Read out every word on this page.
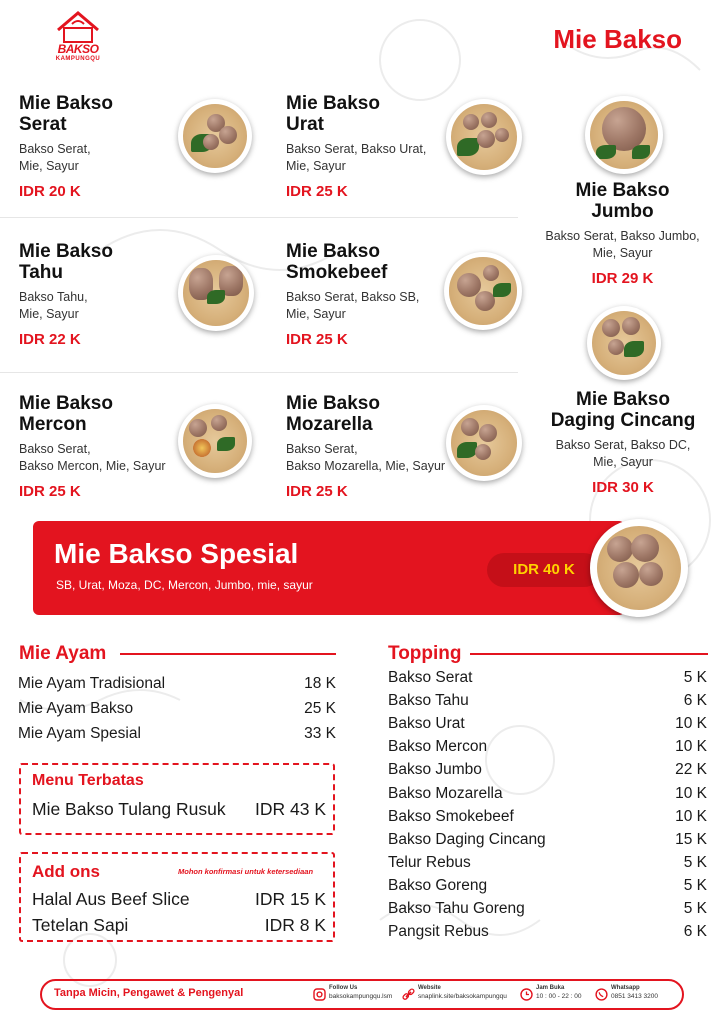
BAKSO
KAMPUNGQU
Mie Bakso
Mie Bakso
Serat
Bakso Serat,
Mie, Sayur
IDR 20 K
Mie Bakso
Urat
Bakso Serat, Bakso Urat,
Mie, Sayur
IDR 25 K	Mie Bakso
Jumbo
Bakso Serat, Bakso Jumbo,
Mie, Sayur
IDR 29 K
Mie Bakso
Tahu
Bakso Tahu,
Mie, Sayur
IDR 22 K
Mie Bakso
Smokebeef
Bakso Serat, Bakso SB,
Mie, Sayur
IDR 25 K
Mie Bakso
Mercon
Bakso Serat,
Bakso Mercon, Mie, Sayur
IDR 25 K
Mie Bakso
Mozarella
Bakso Serat,
Bakso Mozarella, Mie, Sayur
IDR 25 K
Mie Bakso
Daging Cincang
Bakso Serat, Bakso DC,
Mie, Sayur
IDR 30 K
Mie Bakso Spesial
SB, Urat, Moza, DC, Mercon, Jumbo, mie, sayur
IDR 40 K
Mie Ayam
Mie Ayam Tradisional	18 K
Mie Ayam Bakso	25 K
Mie Ayam Spesial	33 K
Menu Terbatas
Mie Bakso Tulang Rusuk IDR 43 K
Add ons	Mohon konfirmasi untuk ketersediaan
Halal Aus Beef Slice	IDR 15 K
Tetelan Sapi	IDR 8 K
Topping
Bakso Serat	5 K
Bakso Tahu	6 K
Bakso Urat	10 K
Bakso Mercon	10 K
Bakso Jumbo	22 K
Bakso Mozarella	10 K
Bakso Smokebeef	10 K
Bakso Daging Cincang	15 K
Telur Rebus	5 K
Bakso Goreng	5 K
Bakso Tahu Goreng	5 K
Pangsit Rebus	6 K
Tanpa Micin, Pengawet & Pengenyal	Follow Us
baksokampungqu.lsm
Website
snaplink.site/baksokampungqu
Jam Buka
10 : 00 - 22 : 00
Whatsapp
0851 3413 3200
